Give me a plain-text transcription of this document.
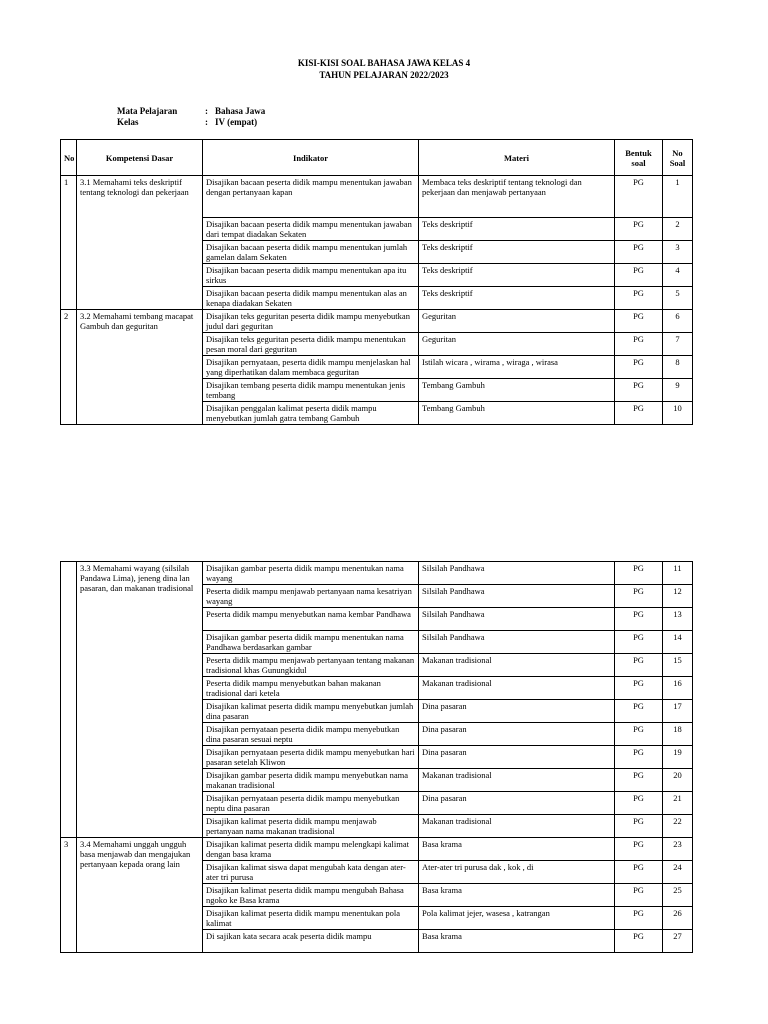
KISI-KISI SOAL BAHASA JAWA KELAS 4
TAHUN PELAJARAN 2022/2023
Mata Pelajaran	: Bahasa Jawa
Kelas	: IV (empat)
No	Kompetensi Dasar	Indikator	Materi	Bentuk soal	No Soal
1	3.1 Memahami teks deskriptif tentang teknologi dan pekerjaan	Disajikan bacaan peserta didik mampu menentukan jawaban dengan pertanyaan kapan	Membaca teks deskriptif tentang teknologi dan pekerjaan dan menjawab pertanyaan	PG	1
		Disajikan bacaan peserta didik mampu menentukan jawaban dari tempat diadakan Sekaten	Teks deskriptif	PG	2
		Disajikan bacaan peserta didik mampu menentukan jumlah gamelan dalam Sekaten	Teks deskriptif	PG	3
		Disajikan bacaan peserta didik mampu menentukan apa itu sirkus	Teks deskriptif	PG	4
		Disajikan bacaan peserta didik mampu menentukan alas an kenapa diadakan Sekaten	Teks deskriptif	PG	5
2	3.2 Memahami tembang macapat Gambuh dan geguritan	Disajikan teks geguritan peserta didik mampu menyebutkan judul dari geguritan	Geguritan	PG	6
		Disajikan teks geguritan peserta didik mampu menentukan pesan moral dari geguritan	Geguritan	PG	7
		Disajikan pernyataan, peserta didik mampu menjelaskan hal yang diperhatikan dalam membaca geguritan	Istilah wicara , wirama , wiraga , wirasa	PG	8
		Disajikan tembang peserta didik mampu menentukan jenis tembang	Tembang Gambuh	PG	9
		Disajikan penggalan kalimat peserta didik mampu menyebutkan jumlah gatra tembang Gambuh	Tembang Gambuh	PG	10
	3.3 Memahami wayang (silsilah Pandawa Lima), jeneng dina lan pasaran, dan makanan tradisional	Disajikan gambar peserta didik mampu menentukan nama wayang	Silsilah Pandhawa	PG	11
		Peserta didik mampu menjawab pertanyaan nama kesatriyan wayang	Silsilah Pandhawa	PG	12
		Peserta didik mampu menyebutkan nama kembar Pandhawa	Silsilah Pandhawa	PG	13
		Disajikan gambar peserta didik mampu menentukan nama Pandhawa berdasarkan gambar	Silsilah Pandhawa	PG	14
		Peserta didik mampu menjawab pertanyaan tentang makanan tradisional khas Gunungkidul	Makanan tradisional	PG	15
		Peserta didik mampu menyebutkan bahan makanan tradisional dari ketela	Makanan tradisional	PG	16
		Disajikan kalimat peserta didik mampu menyebutkan jumlah dina pasaran	Dina pasaran	PG	17
		Disajikan pernyataan peserta didik mampu menyebutkan dina pasaran sesuai neptu	Dina pasaran	PG	18
		Disajikan pernyataan peserta didik mampu menyebutkan hari pasaran setelah Kliwon	Dina pasaran	PG	19
		Disajikan gambar peserta didik mampu menyebutkan nama makanan tradisional	Makanan tradisional	PG	20
		Disajikan pernyataan peserta didik mampu menyebutkan neptu dina pasaran	Dina pasaran	PG	21
		Disajikan kalimat peserta didik mampu menjawab pertanyaan nama makanan tradisional	Makanan tradisional	PG	22
3	3.4 Memahami unggah ungguh basa menjawab dan mengajukan pertanyaan kepada orang lain	Disajikan kalimat peserta didik mampu melengkapi kalimat dengan basa krama	Basa krama	PG	23
		Disajikan kalimat siswa dapat mengubah kata dengan ater-ater tri purusa	Ater-ater tri purusa dak , kok , di	PG	24
		Disajikan kalimat peserta didik mampu mengubah Bahasa ngoko ke Basa krama	Basa krama	PG	25
		Disajikan kalimat peserta didik mampu menentukan pola kalimat	Pola kalimat jejer, wasesa , katrangan	PG	26
		Di sajikan kata secara acak peserta didik mampu	Basa krama	PG	27
